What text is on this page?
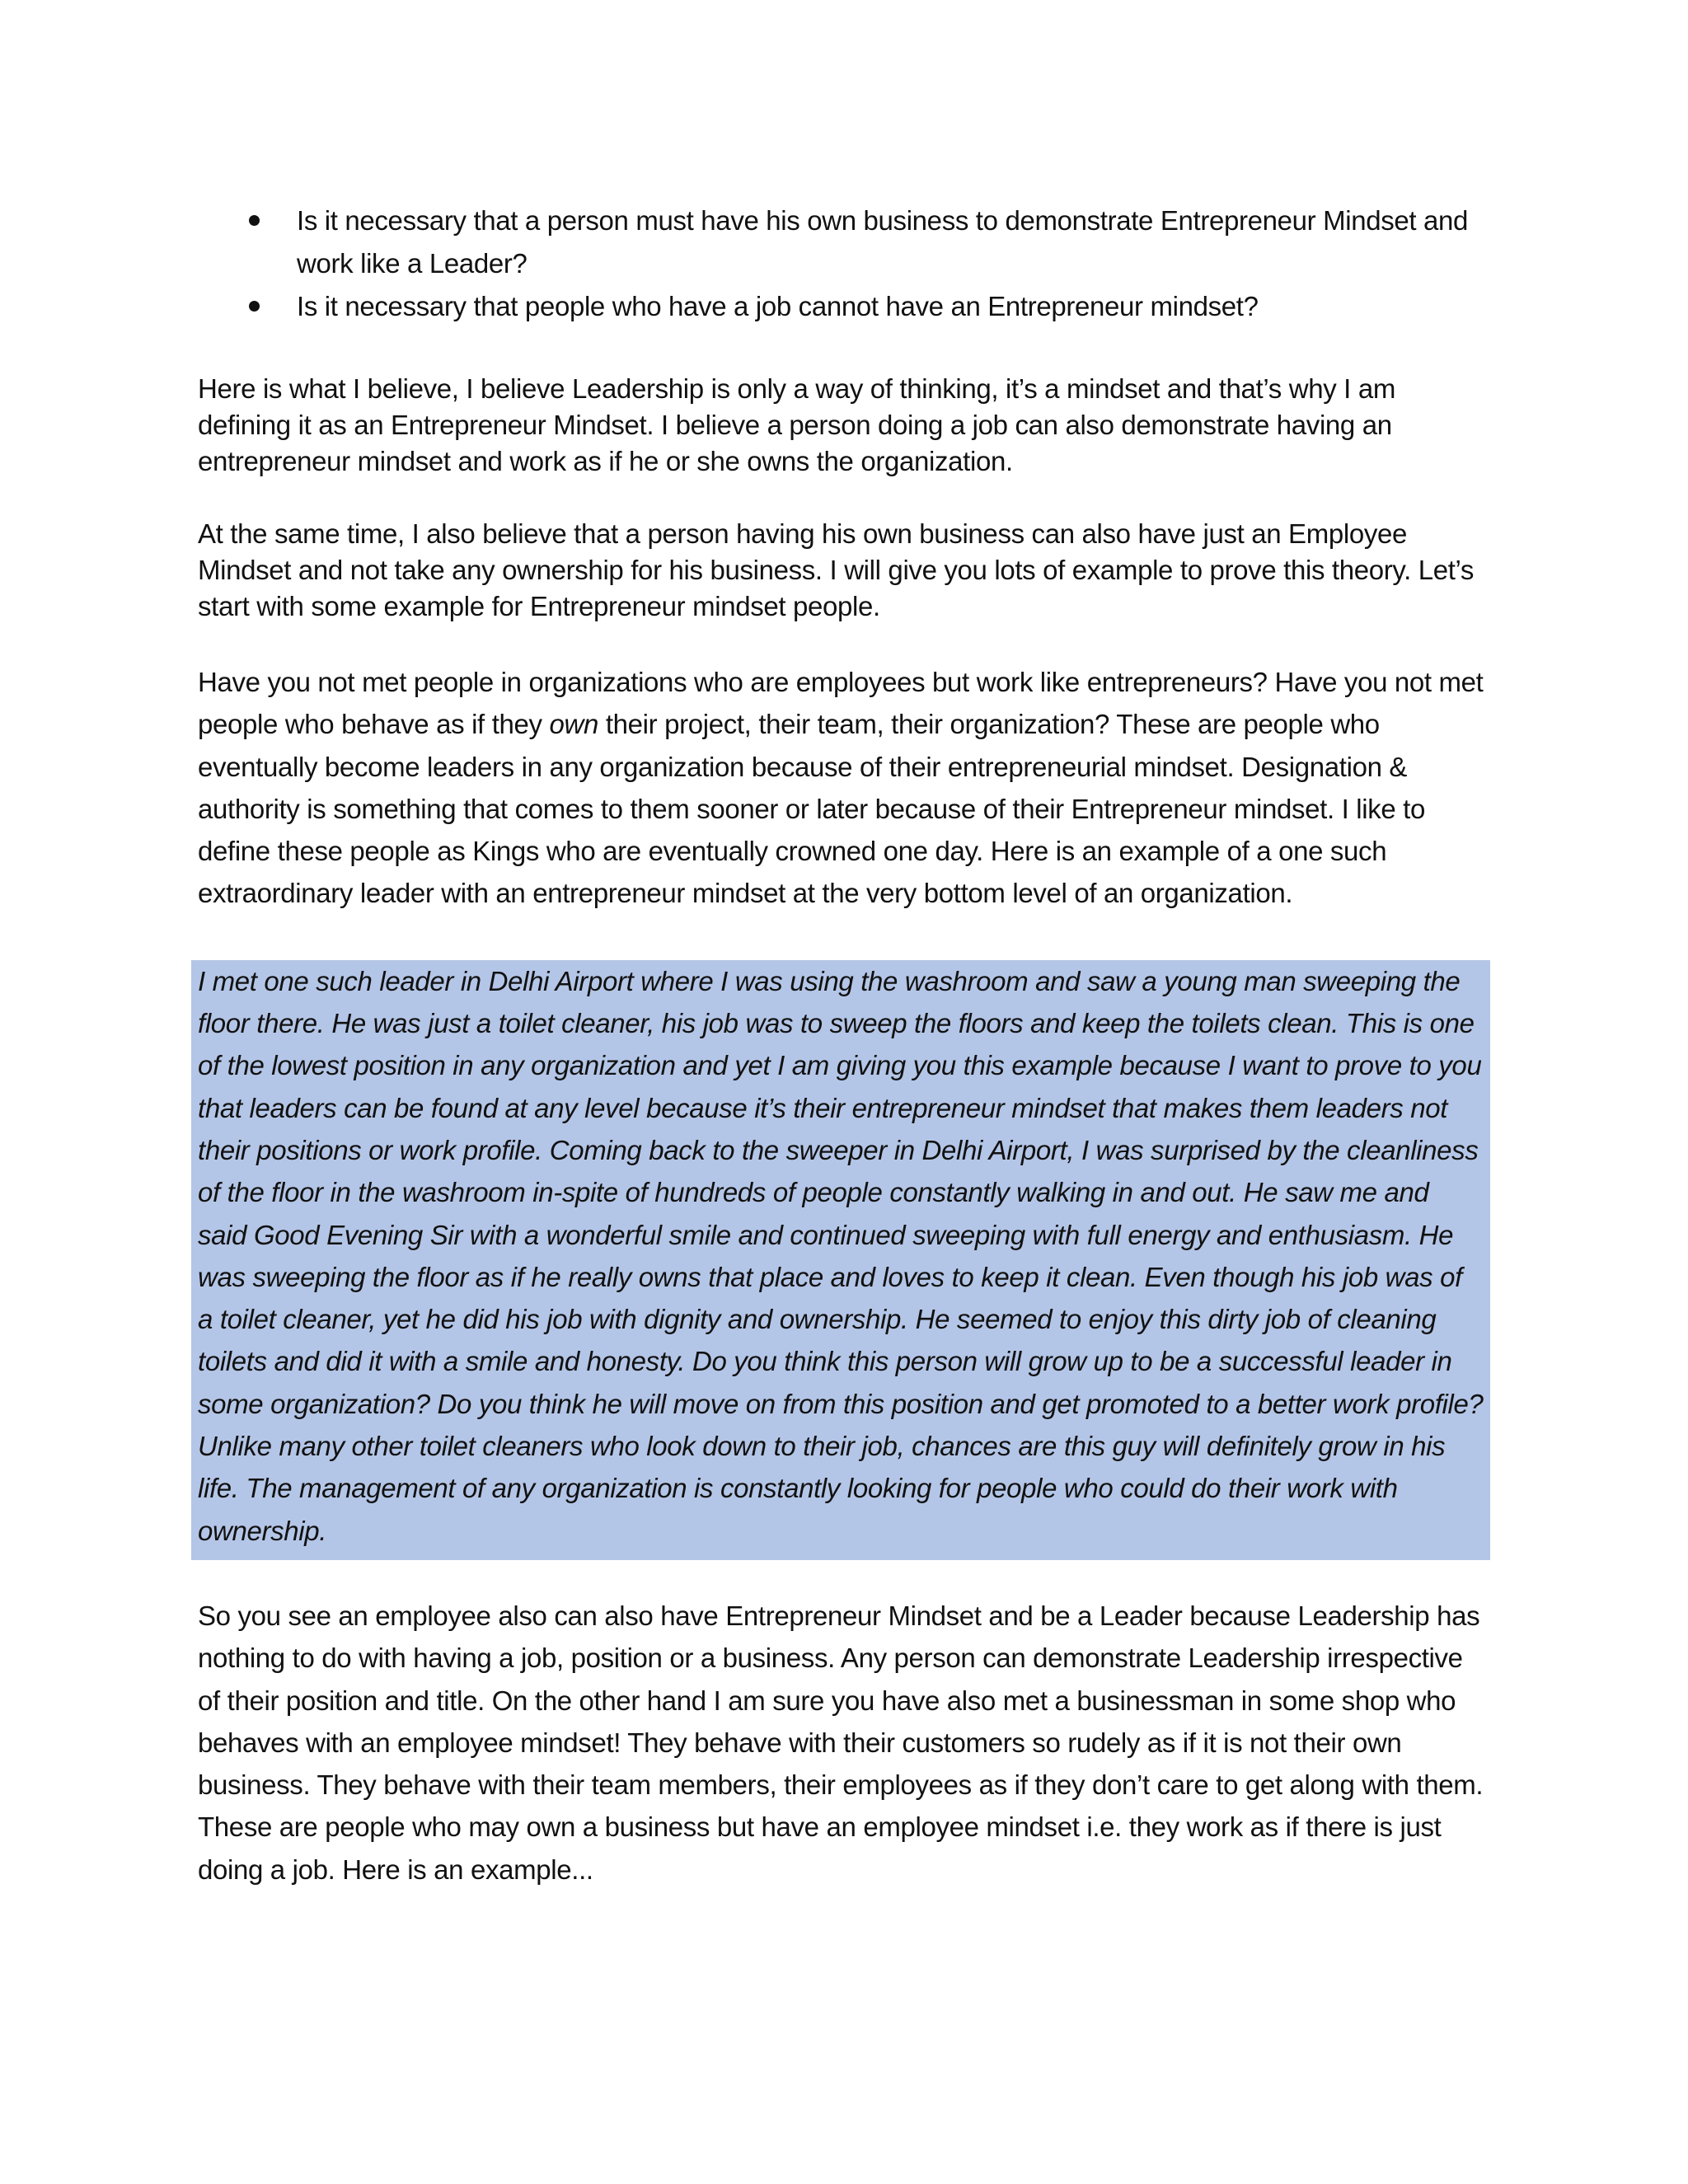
Is it necessary that a person must have his own business to demonstrate Entrepreneur Mindset and work like a Leader?
Is it necessary that people who have a job cannot have an Entrepreneur mindset?

Here is what I believe, I believe Leadership is only a way of thinking, it’s a mindset and that’s why I am defining it as an Entrepreneur Mindset. I believe a person doing a job can also demonstrate having an entrepreneur mindset and work as if he or she owns the organization.

At the same time, I also believe that a person having his own business can also have just an Employee Mindset and not take any ownership for his business. I will give you lots of example to prove this theory. Let’s start with some example for Entrepreneur mindset people.

Have you not met people in organizations who are employees but work like entrepreneurs? Have you not met people who behave as if they own their project, their team, their organization? These are people who eventually become leaders in any organization because of their entrepreneurial mindset. Designation & authority is something that comes to them sooner or later because of their Entrepreneur mindset. I like to define these people as Kings who are eventually crowned one day. Here is an example of a one such extraordinary leader with an entrepreneur mindset at the very bottom level of an organization.

I met one such leader in Delhi Airport where I was using the washroom and saw a young man sweeping the floor there. He was just a toilet cleaner, his job was to sweep the floors and keep the toilets clean. This is one of the lowest position in any organization and yet I am giving you this example because I want to prove to you that leaders can be found at any level because it’s their entrepreneur mindset that makes them leaders not their positions or work profile. Coming back to the sweeper in Delhi Airport, I was surprised by the cleanliness of the floor in the washroom in-spite of hundreds of people constantly walking in and out. He saw me and said Good Evening Sir with a wonderful smile and continued sweeping with full energy and enthusiasm. He was sweeping the floor as if he really owns that place and loves to keep it clean. Even though his job was of a toilet cleaner, yet he did his job with dignity and ownership. He seemed to enjoy this dirty job of cleaning toilets and did it with a smile and honesty. Do you think this person will grow up to be a successful leader in some organization? Do you think he will move on from this position and get promoted to a better work profile? Unlike many other toilet cleaners who look down to their job, chances are this guy will definitely grow in his life. The management of any organization is constantly looking for people who could do their work with ownership.

So you see an employee also can also have Entrepreneur Mindset and be a Leader because Leadership has nothing to do with having a job, position or a business. Any person can demonstrate Leadership irrespective of their position and title. On the other hand I am sure you have also met a businessman in some shop who behaves with an employee mindset! They behave with their customers so rudely as if it is not their own business. They behave with their team members, their employees as if they don’t care to get along with them. These are people who may own a business but have an employee mindset i.e. they work as if there is just doing a job. Here is an example...
